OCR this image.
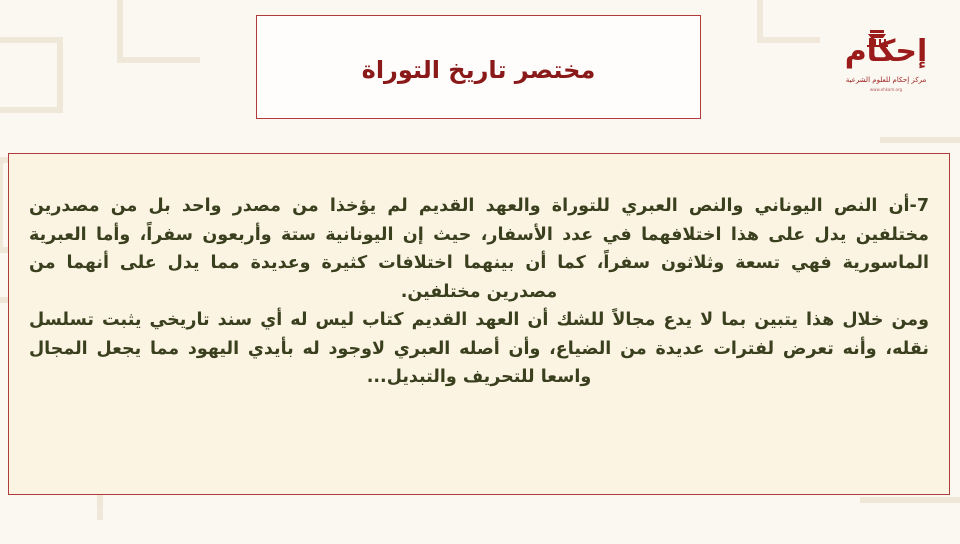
مختصر تاريخ التوراة
إحكام
مركز إحكام للعلوم الشرعية
www.ehkam.org

7-أن النص اليوناني والنص العبري للتوراة والعهد القديم لم يؤخذا من مصدر واحد بل من مصدرين مختلفين يدل على هذا اختلافهما في عدد الأسفار، حيث إن اليونانية ستة وأربعون سفراً، وأما العبرية الماسورية فهي تسعة وثلاثون سفراً، كما أن بينهما اختلافات كثيرة وعديدة مما يدل على أنهما من مصدرين مختلفين.

ومن خلال هذا يتبين بما لا يدع مجالاً للشك أن العهد القديم كتاب ليس له أي سند تاريخي يثبت تسلسل نقله، وأنه تعرض لفترات عديدة من الضياع، وأن أصله العبري لاوجود له بأيدي اليهود مما يجعل المجال واسعا للتحريف والتبديل...
